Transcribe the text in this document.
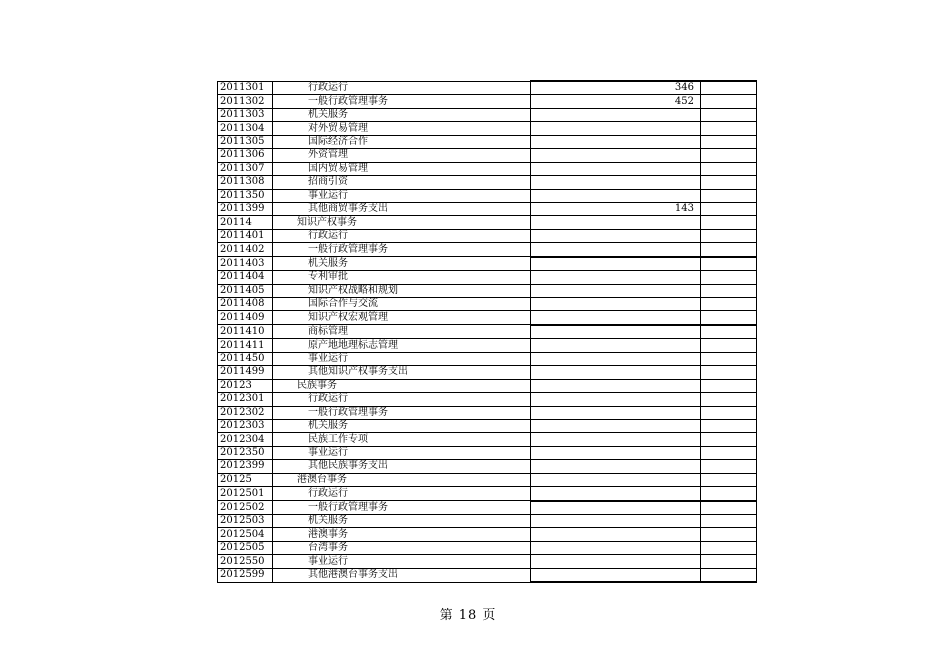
2011301	行政运行	346	
2011302	一般行政管理事务	452	
2011303	机关服务		
2011304	对外贸易管理		
2011305	国际经济合作		
2011306	外资管理		
2011307	国内贸易管理		
2011308	招商引资		
2011350	事业运行		
2011399	其他商贸事务支出	143	
20114	知识产权事务		
2011401	行政运行		
2011402	一般行政管理事务		
2011403	机关服务		
2011404	专利审批		
2011405	知识产权战略和规划		
2011408	国际合作与交流		
2011409	知识产权宏观管理		
2011410	商标管理		
2011411	原产地地理标志管理		
2011450	事业运行		
2011499	其他知识产权事务支出		
20123	民族事务		
2012301	行政运行		
2012302	一般行政管理事务		
2012303	机关服务		
2012304	民族工作专项		
2012350	事业运行		
2012399	其他民族事务支出		
20125	港澳台事务		
2012501	行政运行		
2012502	一般行政管理事务		
2012503	机关服务		
2012504	港澳事务		
2012505	台湾事务		
2012550	事业运行		
2012599	其他港澳台事务支出		
第 18 页
